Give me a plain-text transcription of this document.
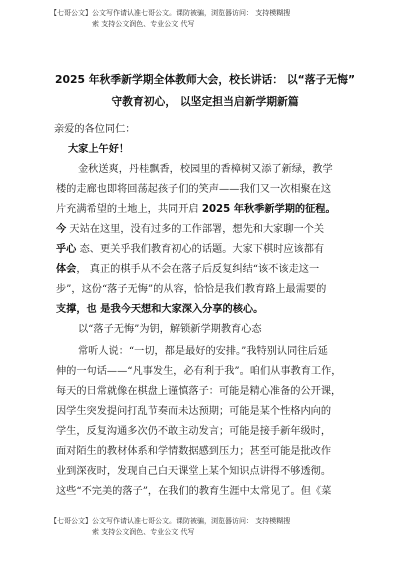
【七哥公文】公文写作请认准七哥公文。课防被骗，浏览器访问： 支持模糊搜
索 支持公文润色、专业公文 代写
2025 年秋季新学期全体教师大会，校长讲话： 以“落子无悔”
守教育初心， 以坚定担当启新学期新篇
亲爱的各位同仁：
大家上午好！
金秋送爽，丹桂飘香，校园里的香樟树又添了新绿，教学
楼的走廊也即将回荡起孩子们的笑声——我们又一次相聚在这
片充满希望的土地上，共同开启 2025 年秋季新学期的征程。
今 天站在这里，没有过多的工作部署，想先和大家聊一个关
乎心 态、更关乎我们教育初心的话题。大家下棋时应该都有
体会， 真正的棋手从不会在落子后反复纠结“该不该走这一
步”，这份“落子无悔”的从容，恰恰是我们教育路上最需要的
支撑，也 是我今天想和大家深入分享的核心。
以“落子无悔”为钥，解锁新学期教育心态
常听人说：“一切，都是最好的安排。”我特别认同往后延
伸的一句话——“凡事发生，必有利于我”。咱们从事教育工作，
每天的日常就像在棋盘上谨慎落子：可能是精心准备的公开课，
因学生突发提问打乱节奏而未达预期；可能是某个性格内向的
学生，反复沟通多次仍不敢主动发言；可能是接手新年级时，
面对陌生的教材体系和学情数据感到压力；甚至可能是批改作
业到深夜时，发现自己白天课堂上某个知识点讲得不够透彻。
这些“不完美的落子”，在我们的教育生涯中太常见了。但《菜
【七哥公文】公文写作请认准七哥公文。课防被骗，浏览器访问： 支持模糊搜
索 支持公文润色、专业公文 代写
